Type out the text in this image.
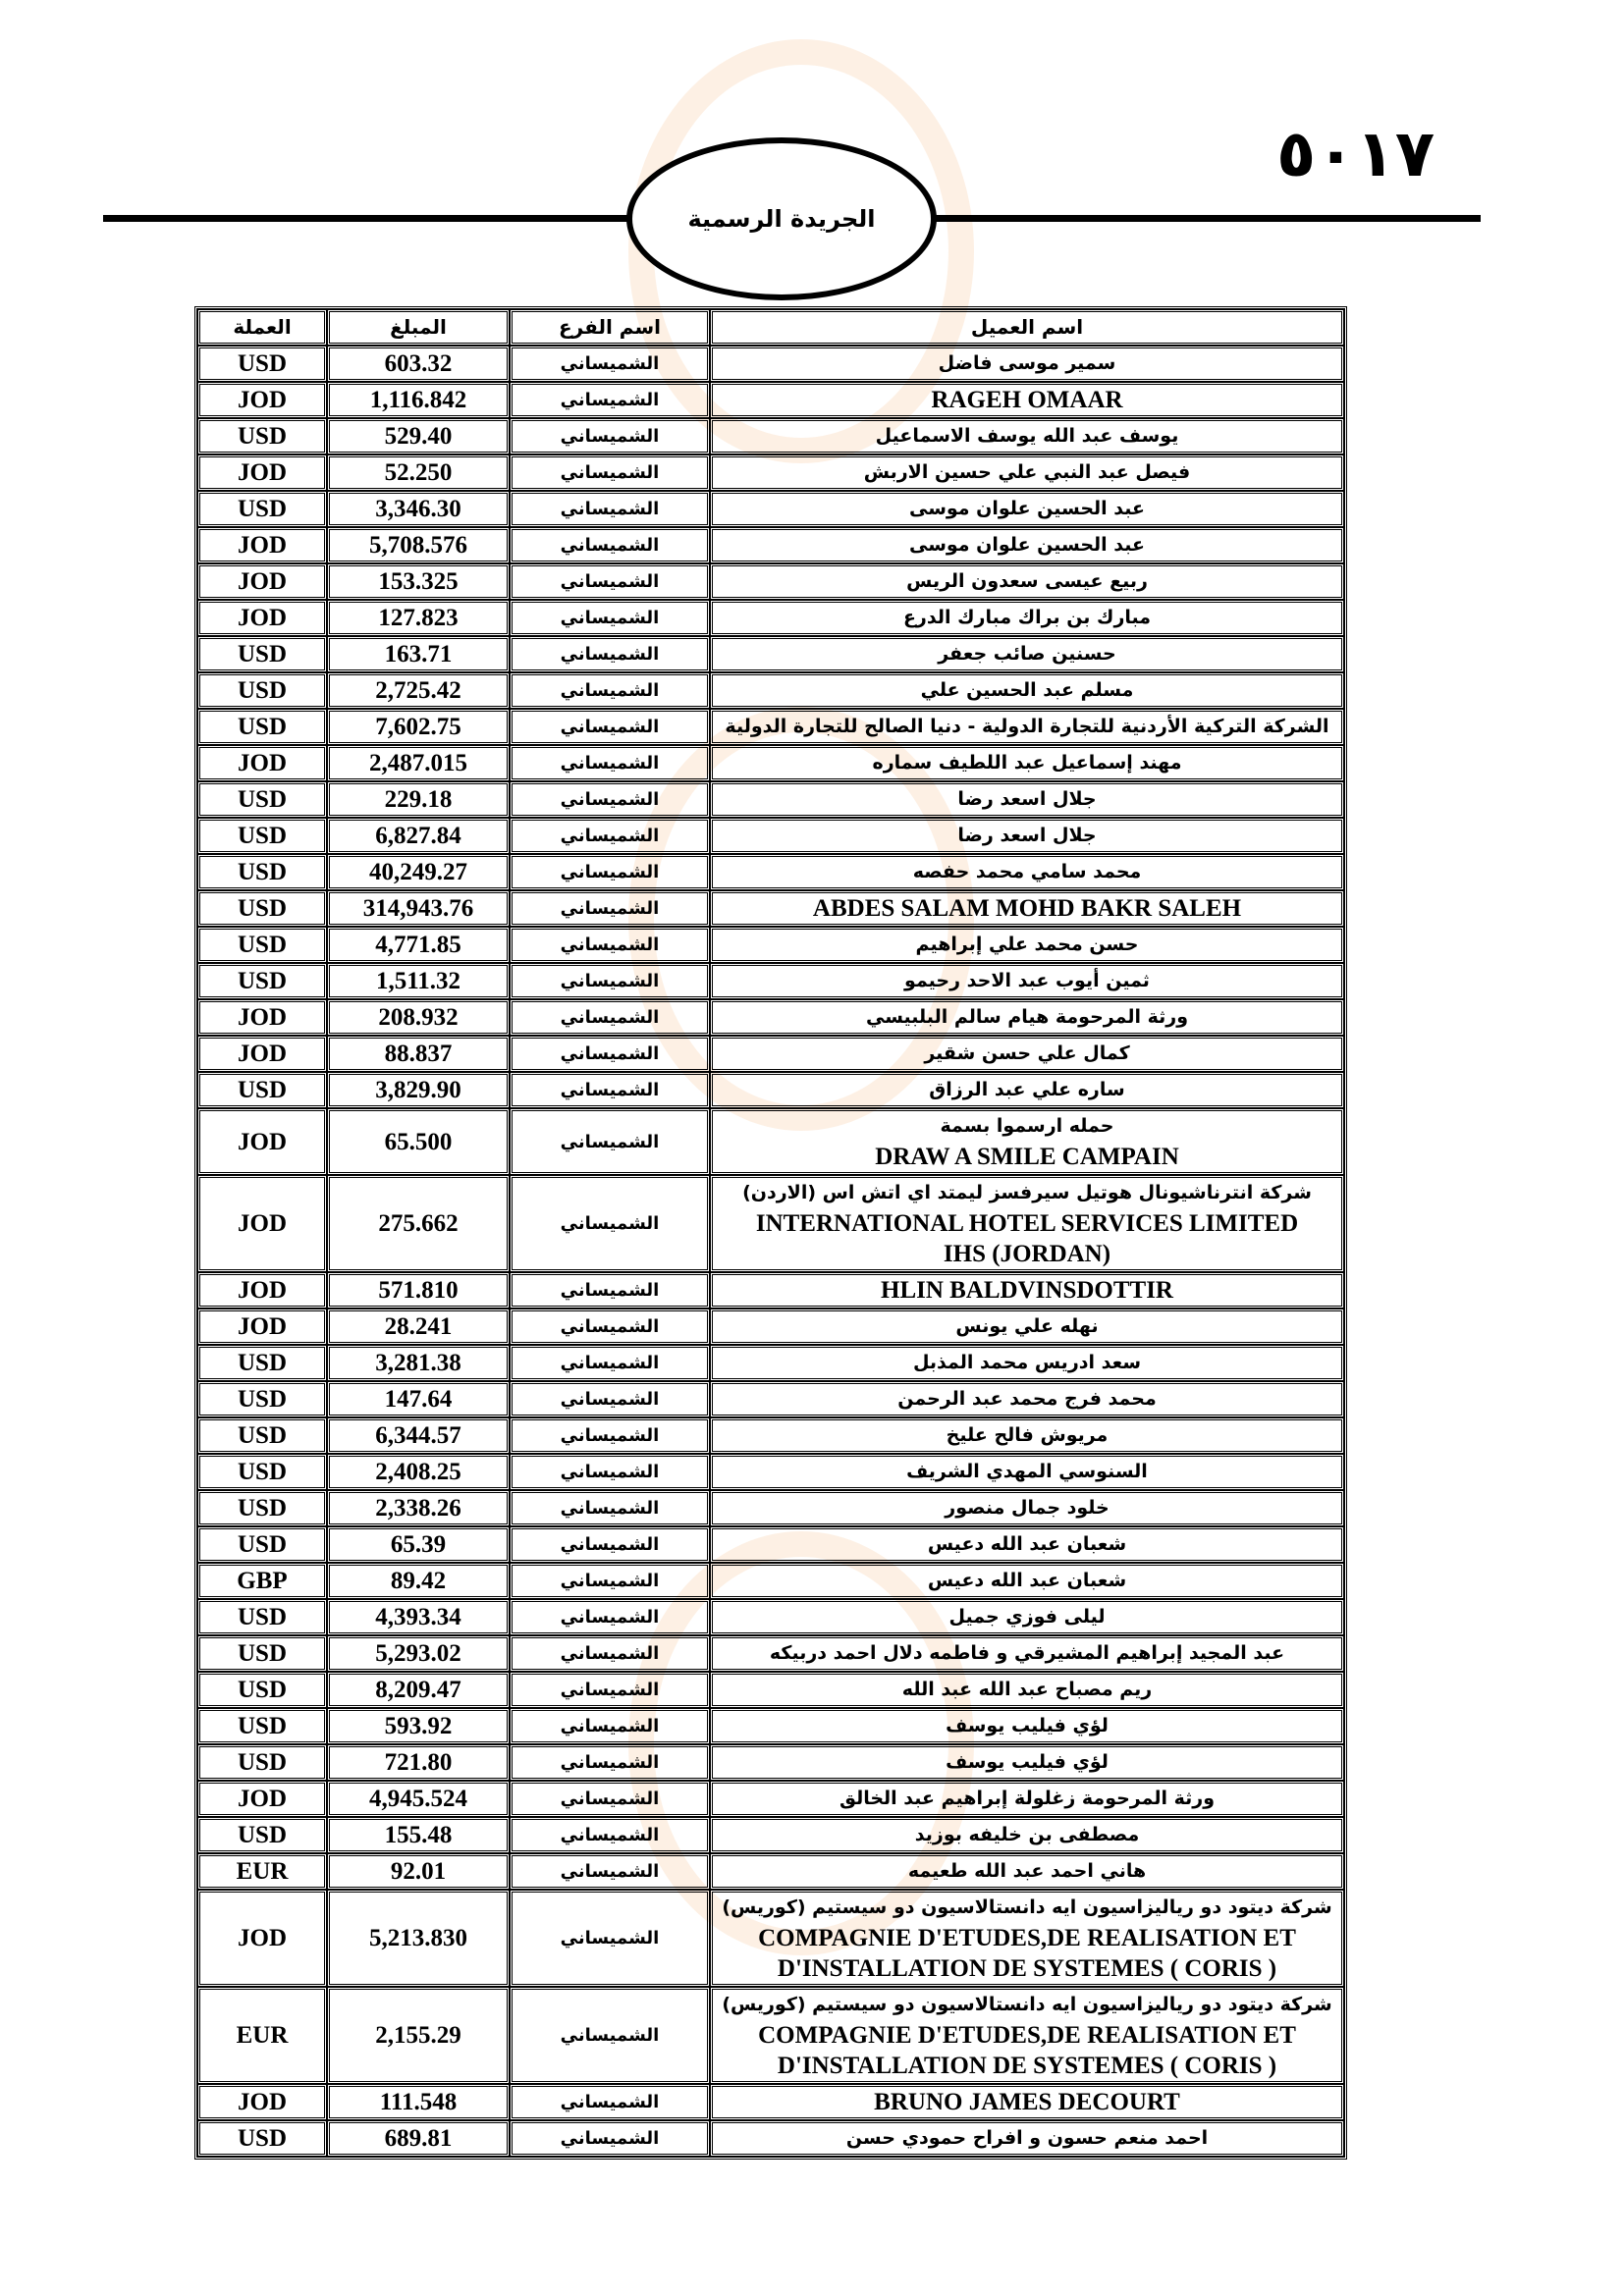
٥٠١٧
الجريدة الرسمية
العملة	المبلغ	اسم الفرع	اسم العميل
USD	603.32	الشميساني	سمير موسى فاضل

JOD	1,116.842	الشميساني	RAGEH OMAAR

USD	529.40	الشميساني	يوسف عبد الله يوسف الاسماعيل

JOD	52.250	الشميساني	فيصل عبد النبي علي حسين الاربش

USD	3,346.30	الشميساني	عبد الحسين علوان موسى

JOD	5,708.576	الشميساني	عبد الحسين علوان موسى

JOD	153.325	الشميساني	ربيع عيسى سعدون الريس

JOD	127.823	الشميساني	مبارك بن براك مبارك الدرع

USD	163.71	الشميساني	حسنين صائب جعفر

USD	2,725.42	الشميساني	مسلم عبد الحسين علي

USD	7,602.75	الشميساني	الشركة التركية الأردنية للتجارة الدولية - دنيا الصالح للتجارة الدولية

JOD	2,487.015	الشميساني	مهند إسماعيل عبد اللطيف سماره

USD	229.18	الشميساني	جلال اسعد رضا

USD	6,827.84	الشميساني	جلال اسعد رضا

USD	40,249.27	الشميساني	محمد سامي محمد حفصه

USD	314,943.76	الشميساني	ABDES SALAM MOHD BAKR SALEH

USD	4,771.85	الشميساني	حسن محمد علي إبراهيم

USD	1,511.32	الشميساني	ثمين أيوب عبد الاحد رحيمو

JOD	208.932	الشميساني	ورثة المرحومة هيام سالم البلبيسي

JOD	88.837	الشميساني	كمال علي حسن شقير

USD	3,829.90	الشميساني	ساره علي عبد الرزاق

JOD	65.500	الشميساني	حمله ارسموا بسمة
DRAW A SMILE CAMPAIN

JOD	275.662	الشميساني	شركة انترناشيونال هوتيل سيرفسز ليمتد اي اتش اس (الاردن)
INTERNATIONAL HOTEL SERVICES LIMITED
IHS (JORDAN)

JOD	571.810	الشميساني	HLIN BALDVINSDOTTIR

JOD	28.241	الشميساني	نهله علي يونس

USD	3,281.38	الشميساني	سعد ادريس محمد المذبل

USD	147.64	الشميساني	محمد فرج محمد عبد الرحمن

USD	6,344.57	الشميساني	مريوش فالح عليخ

USD	2,408.25	الشميساني	السنوسي المهدي الشريف

USD	2,338.26	الشميساني	خلود جمال منصور

USD	65.39	الشميساني	شعبان عبد الله دعيس

GBP	89.42	الشميساني	شعبان عبد الله دعيس

USD	4,393.34	الشميساني	ليلى فوزي جميل

USD	5,293.02	الشميساني	عبد المجيد إبراهيم المشيرقي و فاطمه دلال احمد دربيكه

USD	8,209.47	الشميساني	ريم مصباح عبد الله عبد الله

USD	593.92	الشميساني	لؤي فيليب يوسف

USD	721.80	الشميساني	لؤي فيليب يوسف

JOD	4,945.524	الشميساني	ورثة المرحومة زغلولة إبراهيم عبد الخالق

USD	155.48	الشميساني	مصطفى بن خليفه بوزيد

EUR	92.01	الشميساني	هاني احمد عبد الله طعيمه

JOD	5,213.830	الشميساني	شركة ديتود دو رياليزاسيون ايه دانستالاسيون دو سيستيم (كوريس)
COMPAGNIE D'ETUDES,DE REALISATION ET
D'INSTALLATION DE SYSTEMES ( CORIS )

EUR	2,155.29	الشميساني	شركة ديتود دو رياليزاسيون ايه دانستالاسيون دو سيستيم (كوريس)
COMPAGNIE D'ETUDES,DE REALISATION ET
D'INSTALLATION DE SYSTEMES ( CORIS )

JOD	111.548	الشميساني	BRUNO JAMES DECOURT

USD	689.81	الشميساني	احمد منعم حسون و افراح حمودي حسن
